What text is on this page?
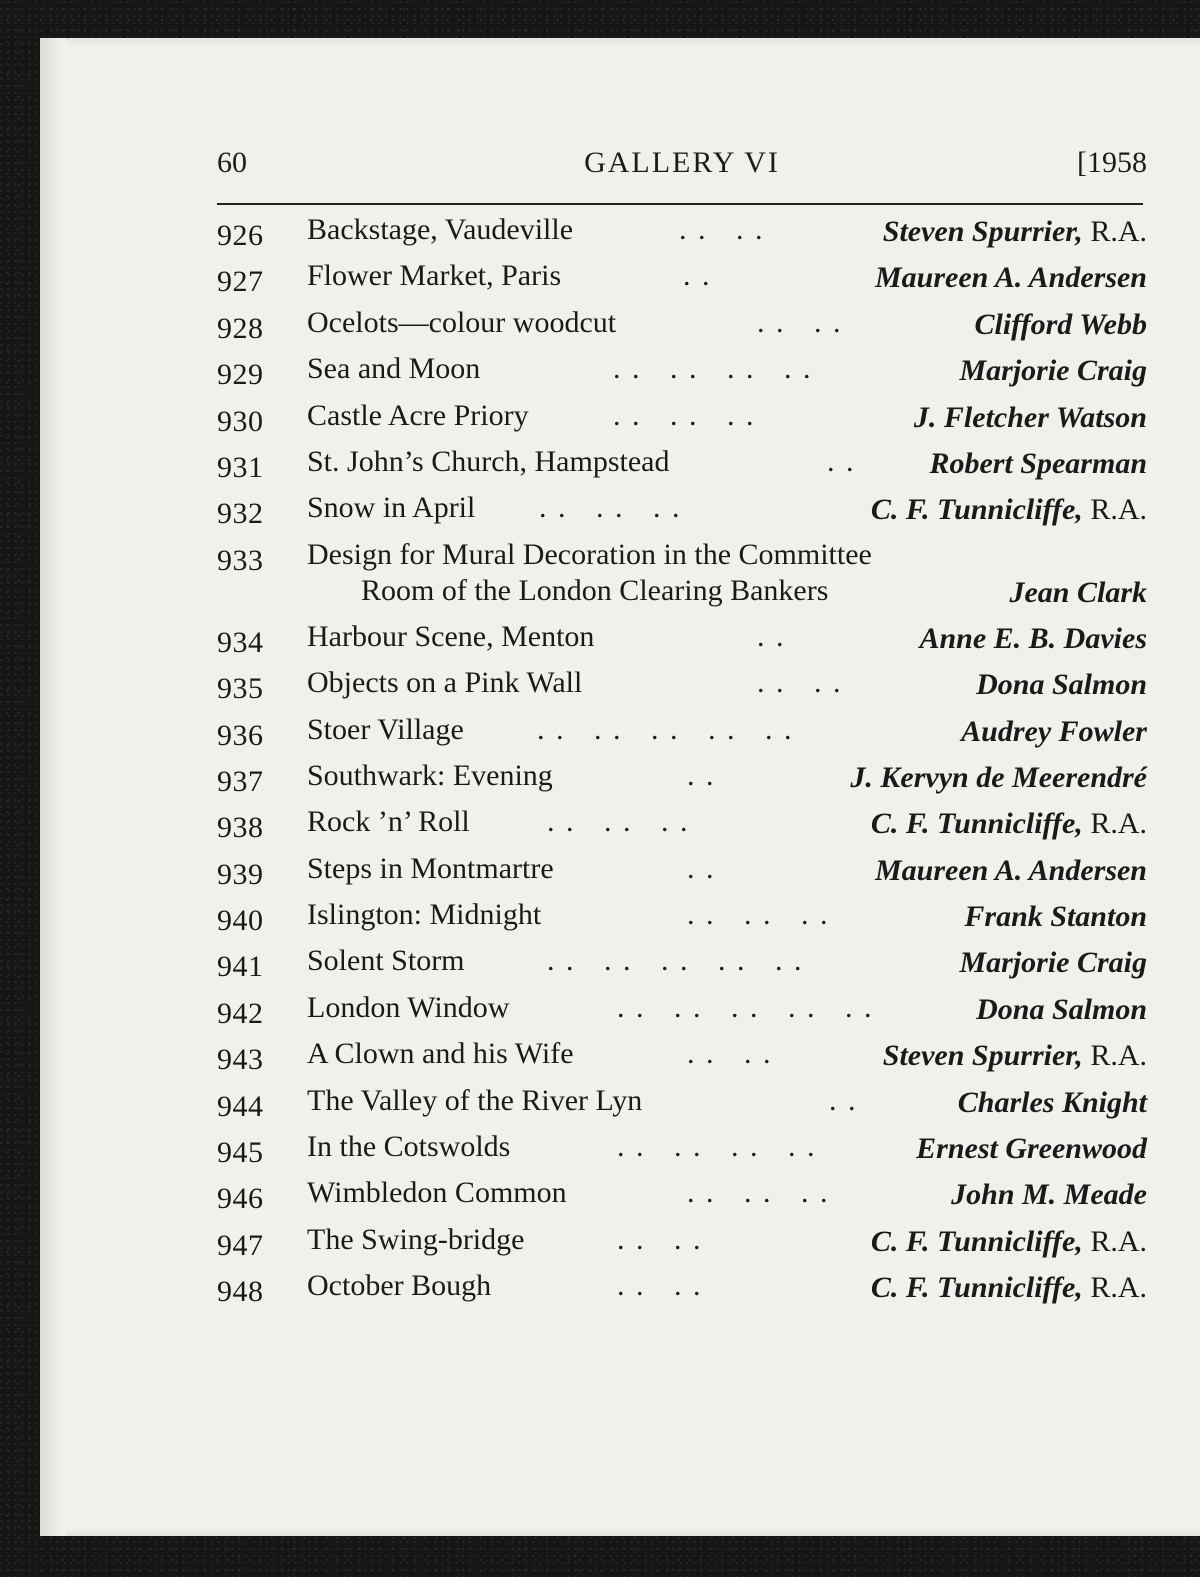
60	GALLERY VI	[1958
926 Backstage, Vaudeville	. .   . .	Steven Spurrier, R.A.
927 Flower Market, Paris	. .	Maureen A. Andersen
928 Ocelots—colour woodcut	. .   . .	Clifford Webb
929 Sea and Moon	. .   . .   . .   . .	Marjorie Craig
930 Castle Acre Priory	. .   . .   . .	J. Fletcher Watson
931 St. John’s Church, Hampstead	. . Robert Spearman
932 Snow in April . .   . .   . .	C. F. Tunnicliffe, R.A.
933 Design for Mural Decoration in the Committee
Room of the London Clearing Bankers	Jean Clark
934 Harbour Scene, Menton	. .	Anne E. B. Davies
935 Objects on a Pink Wall	. .   . .	Dona Salmon
936 Stoer Village . .   . .   . .   . .   . .	Audrey Fowler
937 Southwark: Evening	. .	J. Kervyn de Meerendré
938 Rock ’n’ Roll	. .   . .   . .	C. F. Tunnicliffe, R.A.
939 Steps in Montmartre	. .	Maureen A. Andersen
940 Islington: Midnight	. .   . .   . .	Frank Stanton
941 Solent Storm	. .   . .   . .   . .   . .	Marjorie Craig
942 London Window	. .   . .   . .   . .   . .	Dona Salmon
943 A Clown and his Wife	. .   . .	Steven Spurrier, R.A.
944 The Valley of the River Lyn	. .	Charles Knight
945 In the Cotswolds	. .   . .   . .   . .	Ernest Greenwood
946 Wimbledon Common	. .   . .   . .	John M. Meade
947 The Swing-bridge	. .   . .	C. F. Tunnicliffe, R.A.
948 October Bough	. .   . .	C. F. Tunnicliffe, R.A.
